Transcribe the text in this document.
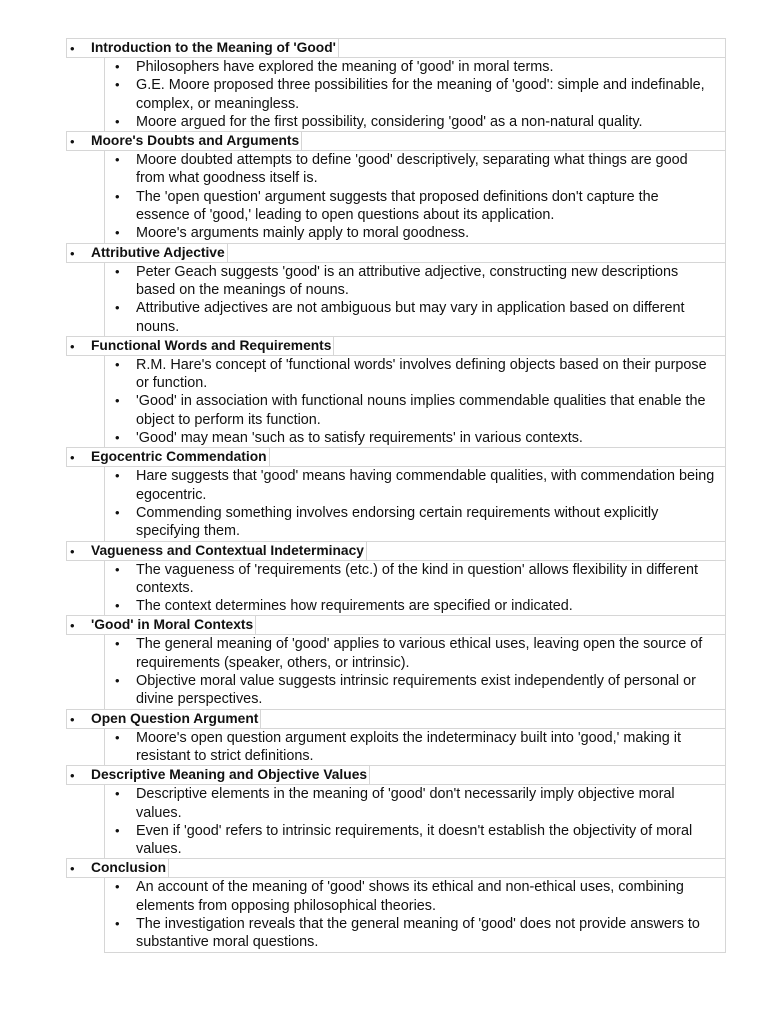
• Introduction to the Meaning of 'Good'
• Philosophers have explored the meaning of 'good' in moral terms.
• G.E. Moore proposed three possibilities for the meaning of 'good': simple and indefinable, complex, or meaningless.
• Moore argued for the first possibility, considering 'good' as a non-natural quality.
• Moore's Doubts and Arguments
• Moore doubted attempts to define 'good' descriptively, separating what things are good from what goodness itself is.
• The 'open question' argument suggests that proposed definitions don't capture the essence of 'good,' leading to open questions about its application.
• Moore's arguments mainly apply to moral goodness.
• Attributive Adjective
• Peter Geach suggests 'good' is an attributive adjective, constructing new descriptions based on the meanings of nouns.
• Attributive adjectives are not ambiguous but may vary in application based on different nouns.
• Functional Words and Requirements
• R.M. Hare's concept of 'functional words' involves defining objects based on their purpose or function.
• 'Good' in association with functional nouns implies commendable qualities that enable the object to perform its function.
• 'Good' may mean 'such as to satisfy requirements' in various contexts.
• Egocentric Commendation
• Hare suggests that 'good' means having commendable qualities, with commendation being egocentric.
• Commending something involves endorsing certain requirements without explicitly specifying them.
• Vagueness and Contextual Indeterminacy
• The vagueness of 'requirements (etc.) of the kind in question' allows flexibility in different contexts.
• The context determines how requirements are specified or indicated.
• 'Good' in Moral Contexts
• The general meaning of 'good' applies to various ethical uses, leaving open the source of requirements (speaker, others, or intrinsic).
• Objective moral value suggests intrinsic requirements exist independently of personal or divine perspectives.
• Open Question Argument
• Moore's open question argument exploits the indeterminacy built into 'good,' making it resistant to strict definitions.
• Descriptive Meaning and Objective Values
• Descriptive elements in the meaning of 'good' don't necessarily imply objective moral values.
• Even if 'good' refers to intrinsic requirements, it doesn't establish the objectivity of moral values.
• Conclusion
• An account of the meaning of 'good' shows its ethical and non-ethical uses, combining elements from opposing philosophical theories.
• The investigation reveals that the general meaning of 'good' does not provide answers to substantive moral questions.
